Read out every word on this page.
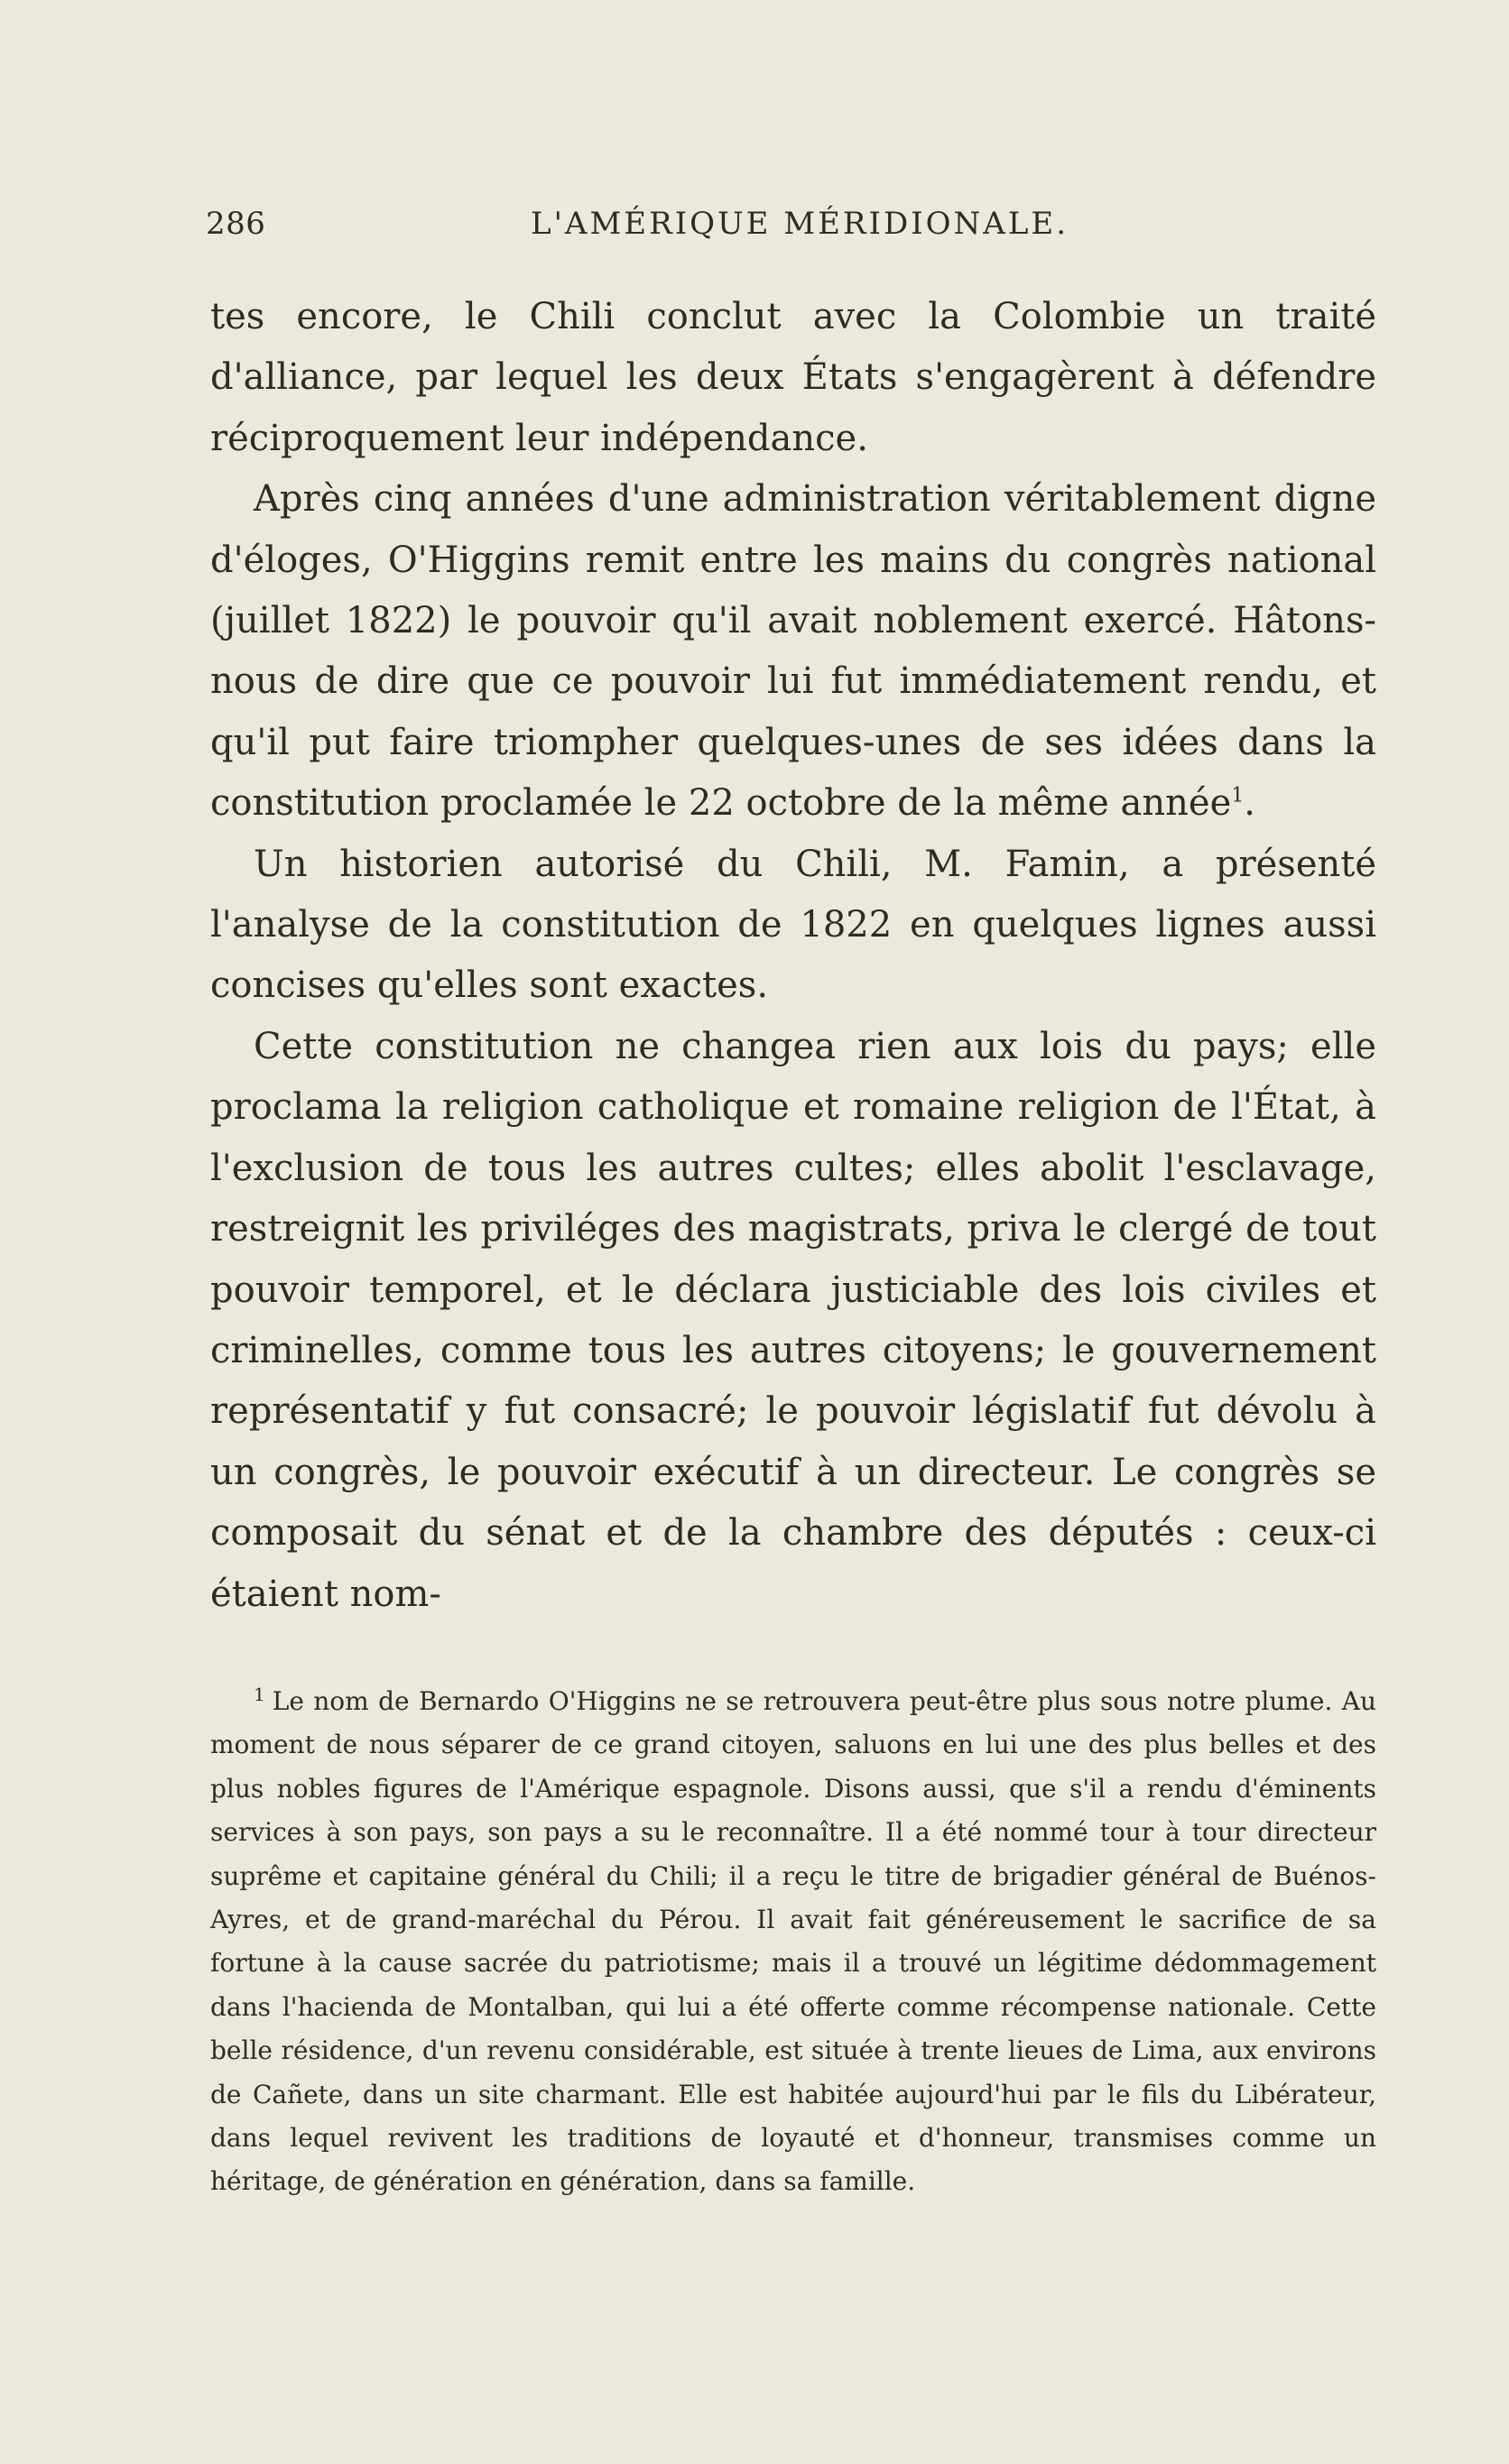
286	L'AMÉRIQUE MÉRIDIONALE.

tes encore, le Chili conclut avec la Colombie un traité d'alliance, par lequel les deux États s'engagèrent à défendre réciproquement leur indépendance.

Après cinq années d'une administration véritablement digne d'éloges, O'Higgins remit entre les mains du congrès national (juillet 1822) le pouvoir qu'il avait noblement exercé. Hâtons-nous de dire que ce pouvoir lui fut immédiatement rendu, et qu'il put faire triompher quelques-unes de ses idées dans la constitution proclamée le 22 octobre de la même année$^1$.

Un historien autorisé du Chili, M. Famin, a présenté l'analyse de la constitution de 1822 en quelques lignes aussi concises qu'elles sont exactes.

Cette constitution ne changea rien aux lois du pays; elle proclama la religion catholique et romaine religion de l'État, à l'exclusion de tous les autres cultes; elles abolit l'esclavage, restreignit les priviléges des magistrats, priva le clergé de tout pouvoir temporel, et le déclara justiciable des lois civiles et criminelles, comme tous les autres citoyens; le gouvernement représentatif y fut consacré; le pouvoir législatif fut dévolu à un congrès, le pouvoir exécutif à un directeur. Le congrès se composait du sénat et de la chambre des députés : ceux-ci étaient nom-

$^1$ Le nom de Bernardo O'Higgins ne se retrouvera peut-être plus sous notre plume. Au moment de nous séparer de ce grand citoyen, saluons en lui une des plus belles et des plus nobles figures de l'Amérique espagnole. Disons aussi, que s'il a rendu d'éminents services à son pays, son pays a su le reconnaître. Il a été nommé tour à tour directeur suprême et capitaine général du Chili; il a reçu le titre de brigadier général de Buénos-Ayres, et de grand-maréchal du Pérou. Il avait fait généreusement le sacrifice de sa fortune à la cause sacrée du patriotisme; mais il a trouvé un légitime dédommagement dans l'hacienda de Montalban, qui lui a été offerte comme récompense nationale. Cette belle résidence, d'un revenu considérable, est située à trente lieues de Lima, aux environs de Cañete, dans un site charmant. Elle est habitée aujourd'hui par le fils du Libérateur, dans lequel revivent les traditions de loyauté et d'honneur, transmises comme un héritage, de génération en génération, dans sa famille.
